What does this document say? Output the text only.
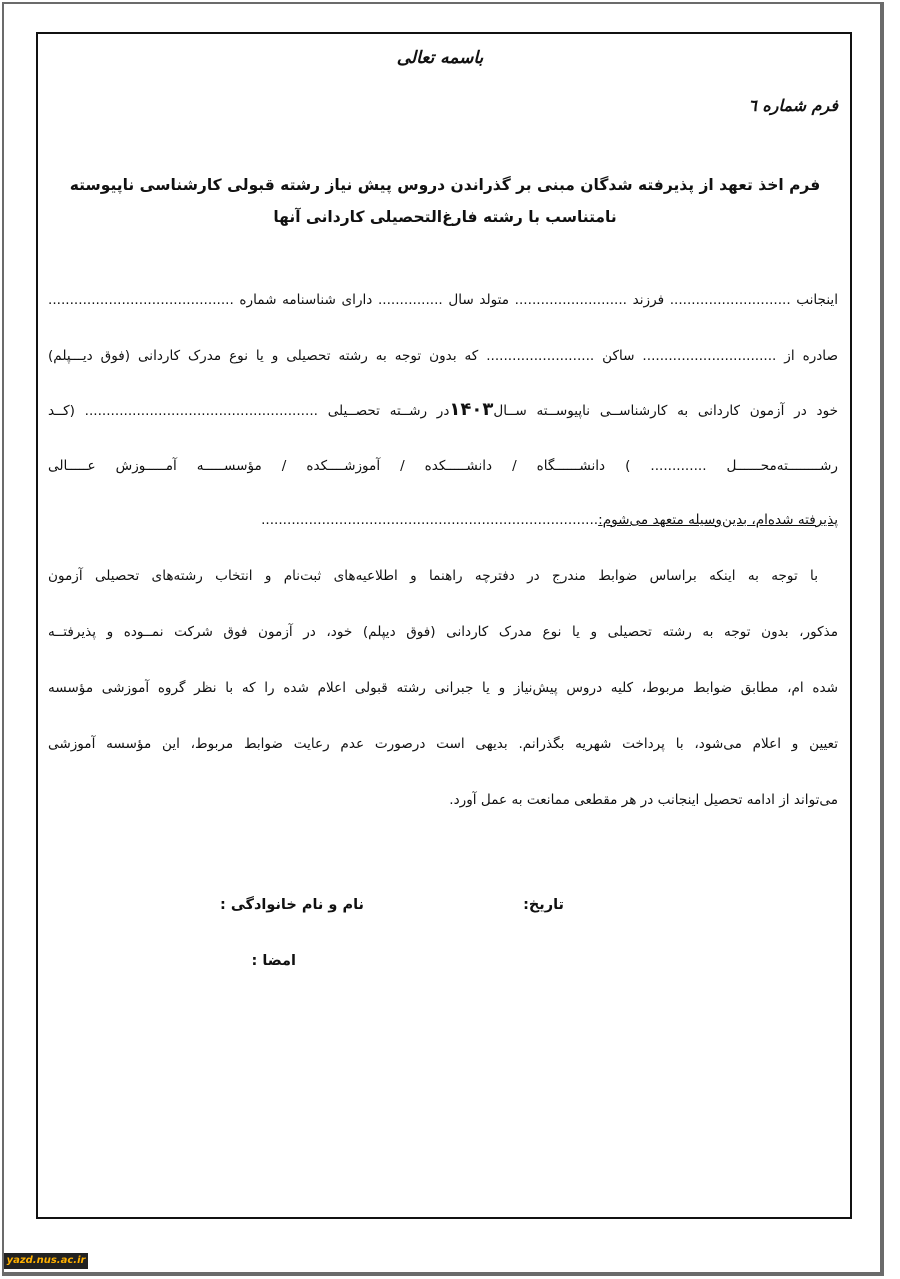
باسمه تعالی
فرم شماره ٦
فرم اخذ تعهد از پذیرفته شدگان مبنی بر گذراندن دروس پیش نیاز رشته قبولی کارشناسی ناپیوسته
نامتناسب با رشته فارغ‌التحصیلی کاردانی آنها
اینجانب ............................ فرزند .......................... متولد سال ............... دارای شناسنامه شماره ...........................................
صادره از ............................... ساکن ......................... که بدون توجه به رشته تحصیلی و یا نوع مدرک کاردانی (فوق دیـــپلم)
خود در آزمون کاردانی به کارشناســی ناپیوســته ســال۱۴۰۳در رشــته تحصــیلی ...................................................... (کــد
رشــــــــته‌محــــــل ............. ) دانشــــــگاه / دانشـــــکده / آموزشــــکده / مؤسســـــه آمـــــوزش عـــــالی
پذیرفته شده‌ام، بدین‌وسیله متعهد می‌شوم:..............................................................................
با توجه به اینکه براساس ضوابط مندرج در دفترچه راهنما و اطلاعیه‌های ثبت‌نام و انتخاب رشته‌های تحصیلی آزمون
مذکور، بدون توجه به رشته تحصیلی و یا نوع مدرک کاردانی (فوق دیپلم) خود، در آزمون فوق شرکت نمــوده و پذیرفتــه
شده ام، مطابق ضوابط مربوط، کلیه دروس پیش‌نیاز و یا جبرانی رشته قبولی اعلام شده را که با نظر گروه آموزشی مؤسسه
تعیین و اعلام می‌شود، با پرداخت شهریه بگذرانم. بدیهی است درصورت عدم رعایت ضوابط مربوط، این مؤسسه آموزشی
می‌تواند از ادامه تحصیل اینجانب در هر مقطعی ممانعت به عمل آورد.
تاریخ:
نام و نام خانوادگی :
امضا :
yazd.nus.ac.ir
